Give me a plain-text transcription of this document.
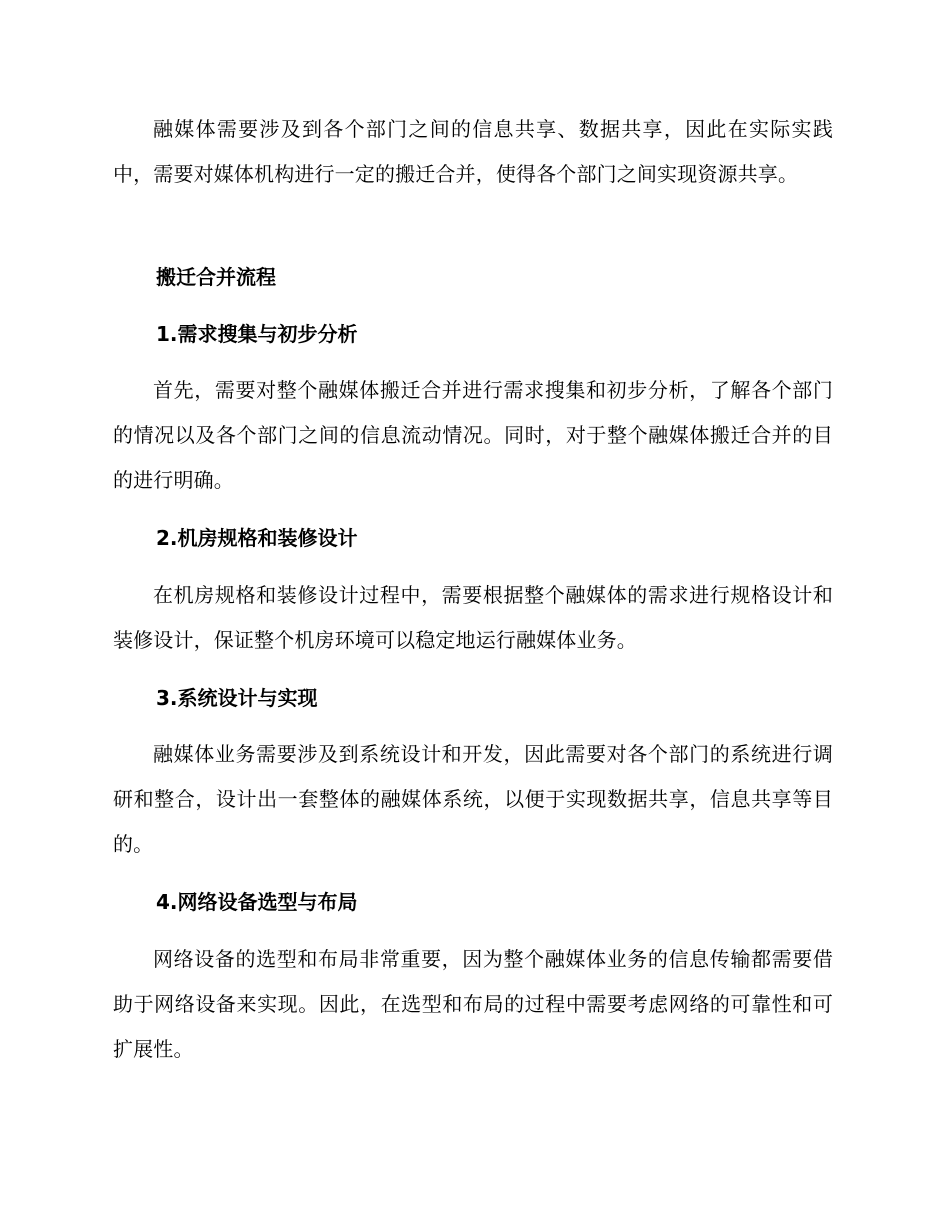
融媒体需要涉及到各个部门之间的信息共享、数据共享，因此在实际实践中，需要对媒体机构进行一定的搬迁合并，使得各个部门之间实现资源共享。

搬迁合并流程
1.需求搜集与初步分析

首先，需要对整个融媒体搬迁合并进行需求搜集和初步分析，了解各个部门的情况以及各个部门之间的信息流动情况。同时，对于整个融媒体搬迁合并的目的进行明确。

2.机房规格和装修设计

在机房规格和装修设计过程中，需要根据整个融媒体的需求进行规格设计和装修设计，保证整个机房环境可以稳定地运行融媒体业务。

3.系统设计与实现

融媒体业务需要涉及到系统设计和开发，因此需要对各个部门的系统进行调研和整合，设计出一套整体的融媒体系统，以便于实现数据共享，信息共享等目的。

4.网络设备选型与布局

网络设备的选型和布局非常重要，因为整个融媒体业务的信息传输都需要借助于网络设备来实现。因此，在选型和布局的过程中需要考虑网络的可靠性和可扩展性。
